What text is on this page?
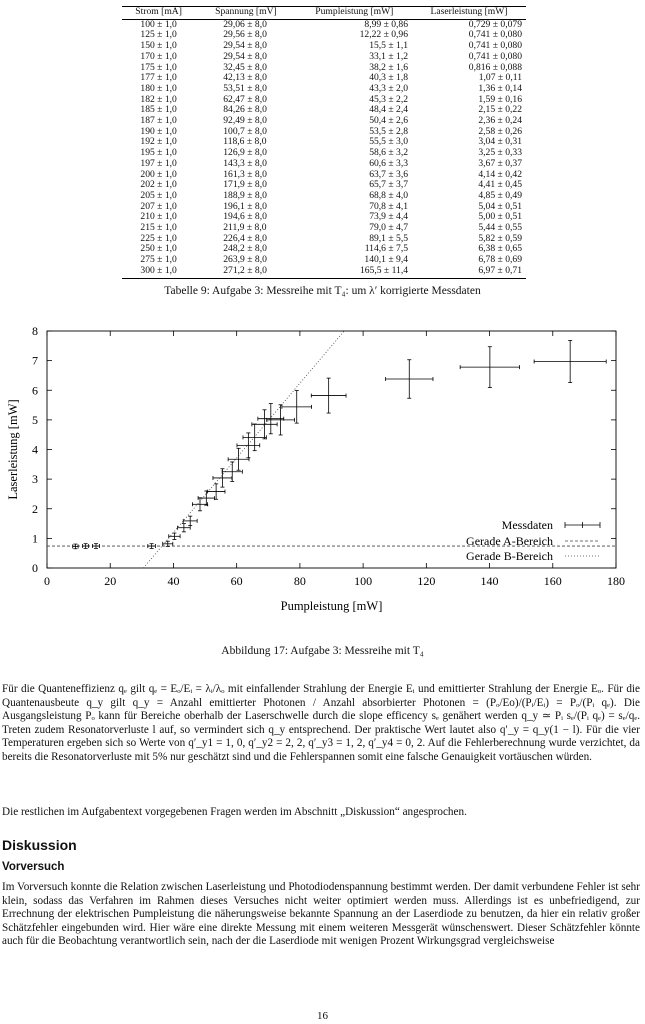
Strom [mA]	Spannung [mV]	Pumpleistung [mW]	Laserleistung [mW]
100 ± 1,0	29,06 ± 8,0	8,99 ± 0,86	0,729 ± 0,079
125 ± 1,0	29,56 ± 8,0	12,22 ± 0,96	0,741 ± 0,080
150 ± 1,0	29,54 ± 8,0	15,5 ± 1,1	0,741 ± 0,080
170 ± 1,0	29,54 ± 8,0	33,1 ± 1,2	0,741 ± 0,080
175 ± 1,0	32,45 ± 8,0	38,2 ± 1,6	0,816 ± 0,088
177 ± 1,0	42,13 ± 8,0	40,3 ± 1,8	1,07 ± 0,11
180 ± 1,0	53,51 ± 8,0	43,3 ± 2,0	1,36 ± 0,14
182 ± 1,0	62,47 ± 8,0	45,3 ± 2,2	1,59 ± 0,16
185 ± 1,0	84,26 ± 8,0	48,4 ± 2,4	2,15 ± 0,22
187 ± 1,0	92,49 ± 8,0	50,4 ± 2,6	2,36 ± 0,24
190 ± 1,0	100,7 ± 8,0	53,5 ± 2,8	2,58 ± 0,26
192 ± 1,0	118,6 ± 8,0	55,5 ± 3,0	3,04 ± 0,31
195 ± 1,0	126,9 ± 8,0	58,6 ± 3,2	3,25 ± 0,33
197 ± 1,0	143,3 ± 8,0	60,6 ± 3,3	3,67 ± 0,37
200 ± 1,0	161,3 ± 8,0	63,7 ± 3,6	4,14 ± 0,42
202 ± 1,0	171,9 ± 8,0	65,7 ± 3,7	4,41 ± 0,45
205 ± 1,0	188,9 ± 8,0	68,8 ± 4,0	4,85 ± 0,49
207 ± 1,0	196,1 ± 8,0	70,8 ± 4,1	5,04 ± 0,51
210 ± 1,0	194,6 ± 8,0	73,9 ± 4,4	5,00 ± 0,51
215 ± 1,0	211,9 ± 8,0	79,0 ± 4,7	5,44 ± 0,55
225 ± 1,0	226,4 ± 8,0	89,1 ± 5,5	5,82 ± 0,59
250 ± 1,0	248,2 ± 8,0	114,6 ± 7,5	6,38 ± 0,65
275 ± 1,0	263,9 ± 8,0	140,1 ± 9,4	6,78 ± 0,69
300 ± 1,0	271,2 ± 8,0	165,5 ± 11,4	6,97 ± 0,71
Tabelle 9: Aufgabe 3: Messreihe mit T₄: um λ′ korrigierte Messdaten
0	20	40	60	80	100	120	140	160	180
0
1
2
3
4
5
6
7
8
Pumpleistung [mW]
Laserleistung [mW]
Messdaten
Gerade A-Bereich
Gerade B-Bereich
Abbildung 17: Aufgabe 3: Messreihe mit T₄
Für die Quanteneffizienz qₑ gilt qₑ = Eₒ/Eᵢ = λᵢ/λₒ mit einfallender Strahlung der Energie Eᵢ und emittierter Strahlung der Energie Eₒ. Für die Quantenausbeute q_y gilt q_y = Anzahl emittierter Photonen / Anzahl absorbierter Photonen = (Pₒ/Eo)/(Pᵢ/Eᵢ) = Pₒ/(Pᵢ qₑ). Die Ausgangsleistung Pₒ kann für Bereiche oberhalb der Laserschwelle durch die slope efficency sₑ genähert werden q_y ≃ Pᵢ sₑ/(Pᵢ qₑ) = sₑ/qₑ. Treten zudem Resonatorverluste l auf, so vermindert sich q_y entsprechend. Der praktische Wert lautet also q′_y = q_y(1 − l). Für die vier Temperaturen ergeben sich so Werte von q′_y1 = 1, 0, q′_y2 = 2, 2, q′_y3 = 1, 2, q′_y4 = 0, 2. Auf die Fehlerberechnung wurde verzichtet, da bereits die Resonatorverluste mit 5% nur geschätzt sind und die Fehlerspannen somit eine falsche Genauigkeit vortäuschen würden.
Die restlichen im Aufgabentext vorgegebenen Fragen werden im Abschnitt „Diskussion“ angesprochen.
Diskussion
Vorversuch
Im Vorversuch konnte die Relation zwischen Laserleistung und Photodiodenspannung bestimmt werden. Der damit verbundene Fehler ist sehr klein, sodass das Verfahren im Rahmen dieses Versuches nicht weiter optimiert werden muss. Allerdings ist es unbefriedigend, zur Errechnung der elektrischen Pumpleistung die näherungsweise bekannte Spannung an der Laserdiode zu benutzen, da hier ein relativ großer Schätzfehler eingebunden wird. Hier wäre eine direkte Messung mit einem weiteren Messgerät wünschenswert. Dieser Schätzfehler könnte auch für die Beobachtung verantwortlich sein, nach der die Laserdiode mit wenigen Prozent Wirkungsgrad vergleichsweise
16
